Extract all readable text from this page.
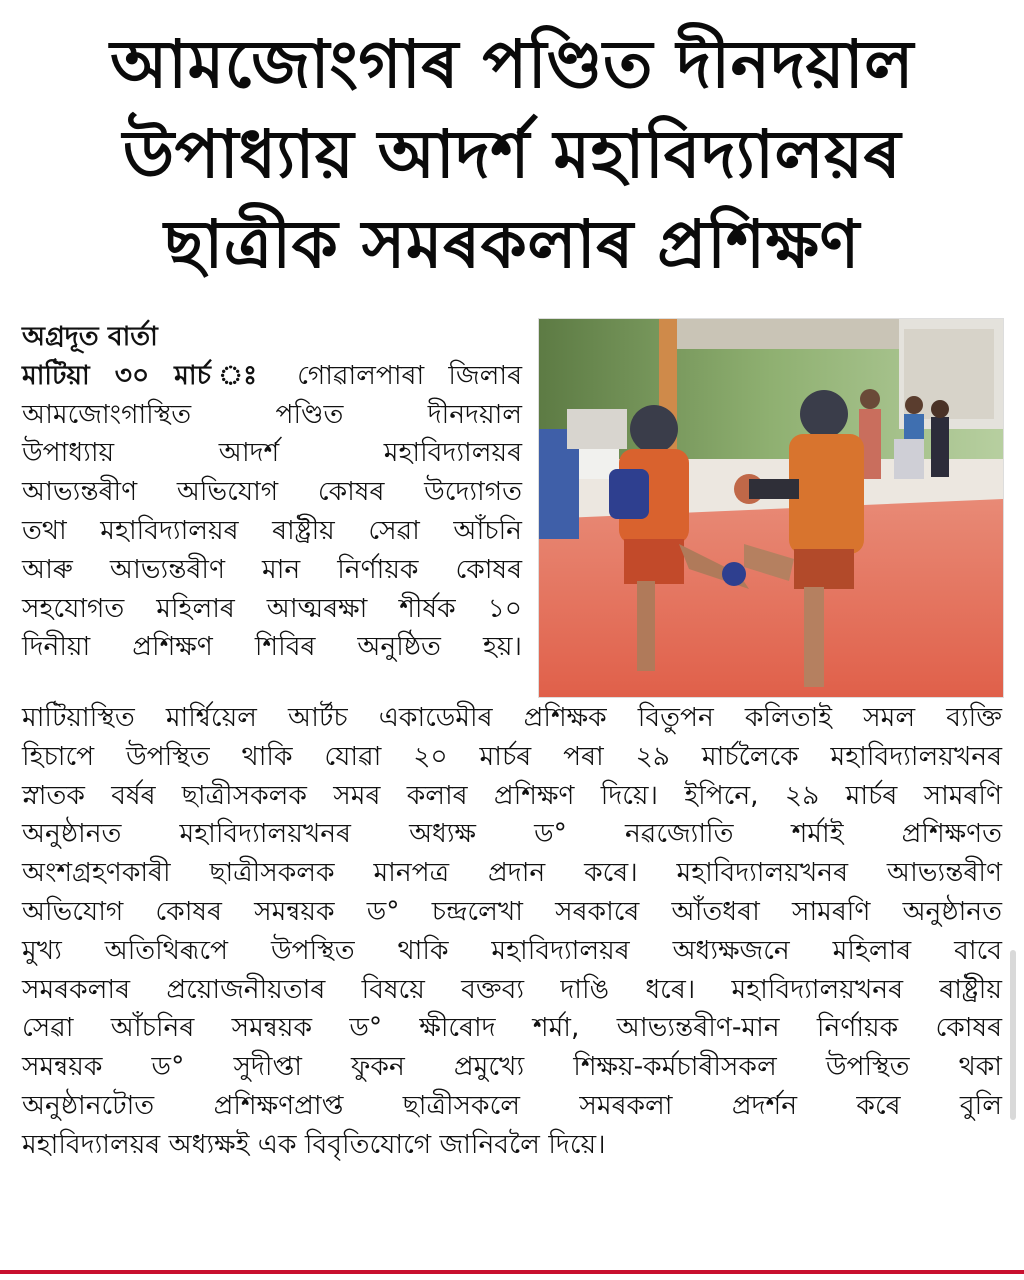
আমজোংগাৰ পণ্ডিত দীনদয়াল
উপাধ্যায় আদৰ্শ মহাবিদ্যালয়ৰ
ছাত্ৰীক সমৰকলাৰ প্ৰশিক্ষণ
অগ্ৰদূত বাৰ্তা
মাটিয়া ৩০ মাৰ্চ ঃ গোৱালপাৰা জিলাৰ
আমজোংগাস্থিত পণ্ডিত দীনদয়াল
উপাধ্যায় আদৰ্শ মহাবিদ্যালয়ৰ
আভ্যন্তৰীণ অভিযোগ কোষৰ উদ্যোগত
তথা মহাবিদ্যালয়ৰ ৰাষ্ট্ৰীয় সেৱা আঁচনি
আৰু আভ্যন্তৰীণ মান নিৰ্ণায়ক কোষৰ
সহযোগত মহিলাৰ আত্মৰক্ষা শীৰ্ষক ১০
দিনীয়া প্ৰশিক্ষণ শিবিৰ অনুষ্ঠিত হয়।
মাটিয়াস্থিত মাৰ্শ্বিয়েল আৰ্টচ একাডেমীৰ প্ৰশিক্ষক বিতুপন কলিতাই সমল ব্যক্তি
হিচাপে উপস্থিত থাকি যোৱা ২০ মাৰ্চৰ পৰা ২৯ মাৰ্চলৈকে মহাবিদ্যালয়খনৰ
স্নাতক বৰ্ষৰ ছাত্ৰীসকলক সমৰ কলাৰ প্ৰশিক্ষণ দিয়ে। ইপিনে, ২৯ মাৰ্চৰ সামৰণি
অনুষ্ঠানত মহাবিদ্যালয়খনৰ অধ্যক্ষ ড° নৱজ্যোতি শৰ্মাই প্ৰশিক্ষণত
অংশগ্ৰহণকাৰী ছাত্ৰীসকলক মানপত্ৰ প্ৰদান কৰে। মহাবিদ্যালয়খনৰ আভ্যন্তৰীণ
অভিযোগ কোষৰ সমন্বয়ক ড° চন্দ্ৰলেখা সৰকাৰে আঁতধৰা সামৰণি অনুষ্ঠানত
মুখ্য অতিথিৰূপে উপস্থিত থাকি মহাবিদ্যালয়ৰ অধ্যক্ষজনে মহিলাৰ বাবে
সমৰকলাৰ প্ৰয়োজনীয়তাৰ বিষয়ে বক্তব্য দাঙি ধৰে। মহাবিদ্যালয়খনৰ ৰাষ্ট্ৰীয়
সেৱা আঁচনিৰ সমন্বয়ক ড° ক্ষীৰোদ শৰ্মা, আভ্যন্তৰীণ-মান নিৰ্ণায়ক কোষৰ
সমন্বয়ক ড° সুদীপ্তা ফুকন প্ৰমুখ্যে শিক্ষয়-কৰ্মচাৰীসকল উপস্থিত থকা
অনুষ্ঠানটোত প্ৰশিক্ষণপ্ৰাপ্ত ছাত্ৰীসকলে সমৰকলা প্ৰদৰ্শন কৰে বুলি
মহাবিদ্যালয়ৰ অধ্যক্ষই এক বিবৃতিযোগে জানিবলৈ দিয়ে।
